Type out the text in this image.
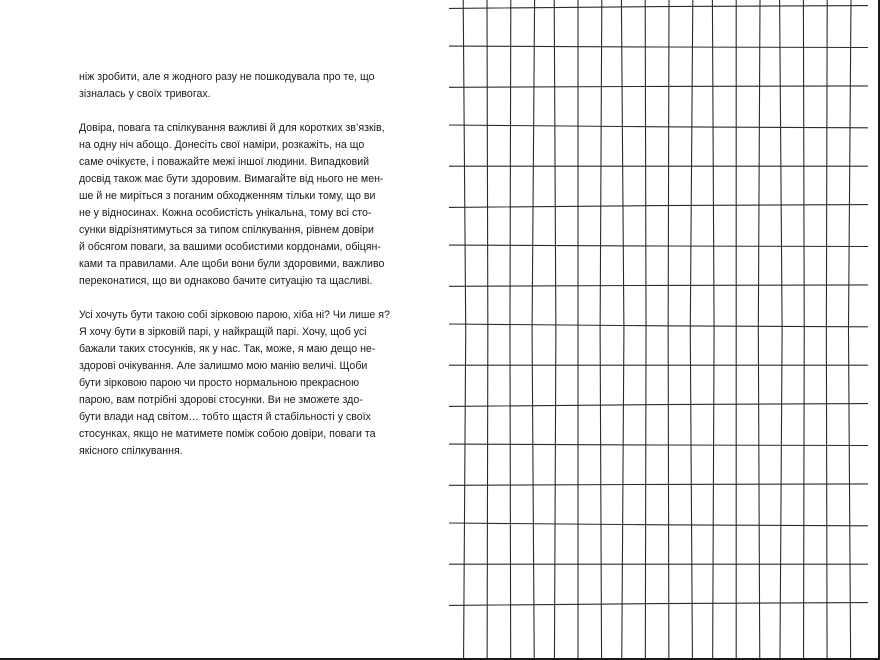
ніж зробити, але я жодного разу не пошкодувала про те, що
зізналась у своїх тривогах.
Довіра, повага та спілкування важливі й для коротких зв’язків,
на одну ніч абощо. Донесіть свої наміри, розкажіть, на що
саме очікуєте, і поважайте межі іншої людини. Випадковий
досвід також має бути здоровим. Вимагайте від нього не мен-
ше й не миріться з поганим обходженням тільки тому, що ви
не у відносинах. Кожна особистість унікальна, тому всі сто-
сунки відрізнятимуться за типом спілкування, рівнем довіри
й обсягом поваги, за вашими особистими кордонами, обіцян-
ками та правилами. Але щоби вони були здоровими, важливо
переконатися, що ви однаково бачите ситуацію та щасливі.
Усі хочуть бути такою собі зірковою парою, хіба ні? Чи лише я?
Я хочу бути в зірковій парі, у найкращій парі. Хочу, щоб усі
бажали таких стосунків, як у нас. Так, може, я маю дещо не-
здорові очікування. Але залишмо мою манію величі. Щоби
бути зірковою парою чи просто нормальною прекрасною
парою, вам потрібні здорові стосунки. Ви не зможете здо-
бути влади над світом… тобто щастя й стабільності у своїх
стосунках, якщо не матимете поміж собою довіри, поваги та
якісного спілкування.
